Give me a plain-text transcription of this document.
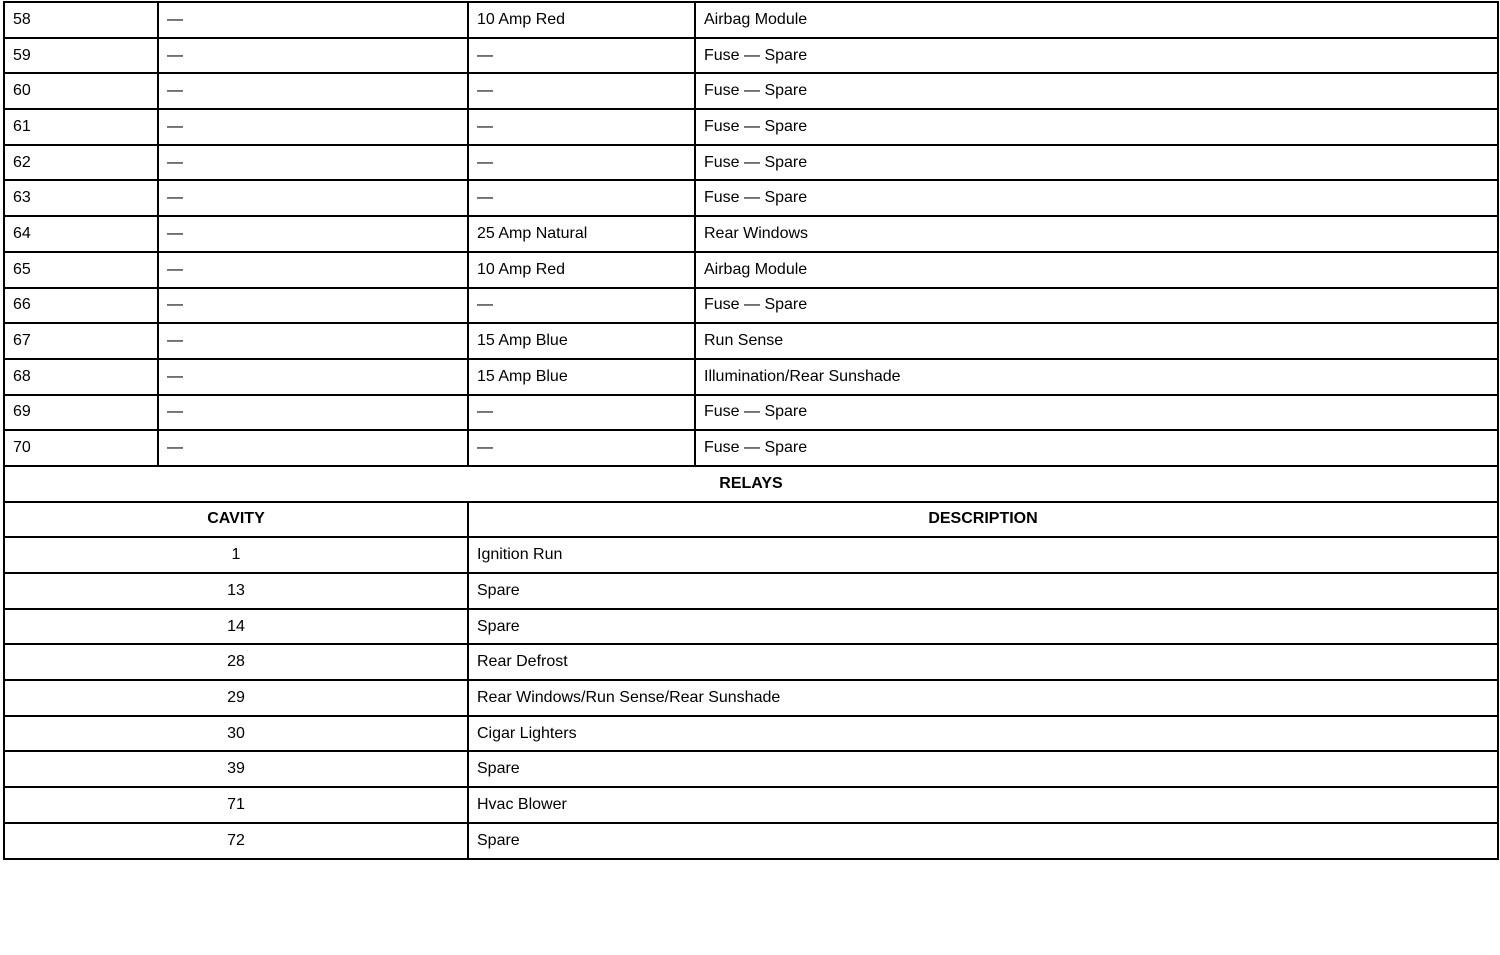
58	—	10 Amp Red	Airbag Module
59	—	—	Fuse — Spare
60	—	—	Fuse — Spare
61	—	—	Fuse — Spare
62	—	—	Fuse — Spare
63	—	—	Fuse — Spare
64	—	25 Amp Natural	Rear Windows
65	—	10 Amp Red	Airbag Module
66	—	—	Fuse — Spare
67	—	15 Amp Blue	Run Sense
68	—	15 Amp Blue	Illumination/Rear Sunshade
69	—	—	Fuse — Spare
70	—	—	Fuse — Spare
RELAYS			
CAVITY		DESCRIPTION	
1		Ignition Run	
13		Spare	
14		Spare	
28		Rear Defrost	
29		Rear Windows/Run Sense/Rear Sunshade	
30		Cigar Lighters	
39		Spare	
71		Hvac Blower	
72		Spare	
